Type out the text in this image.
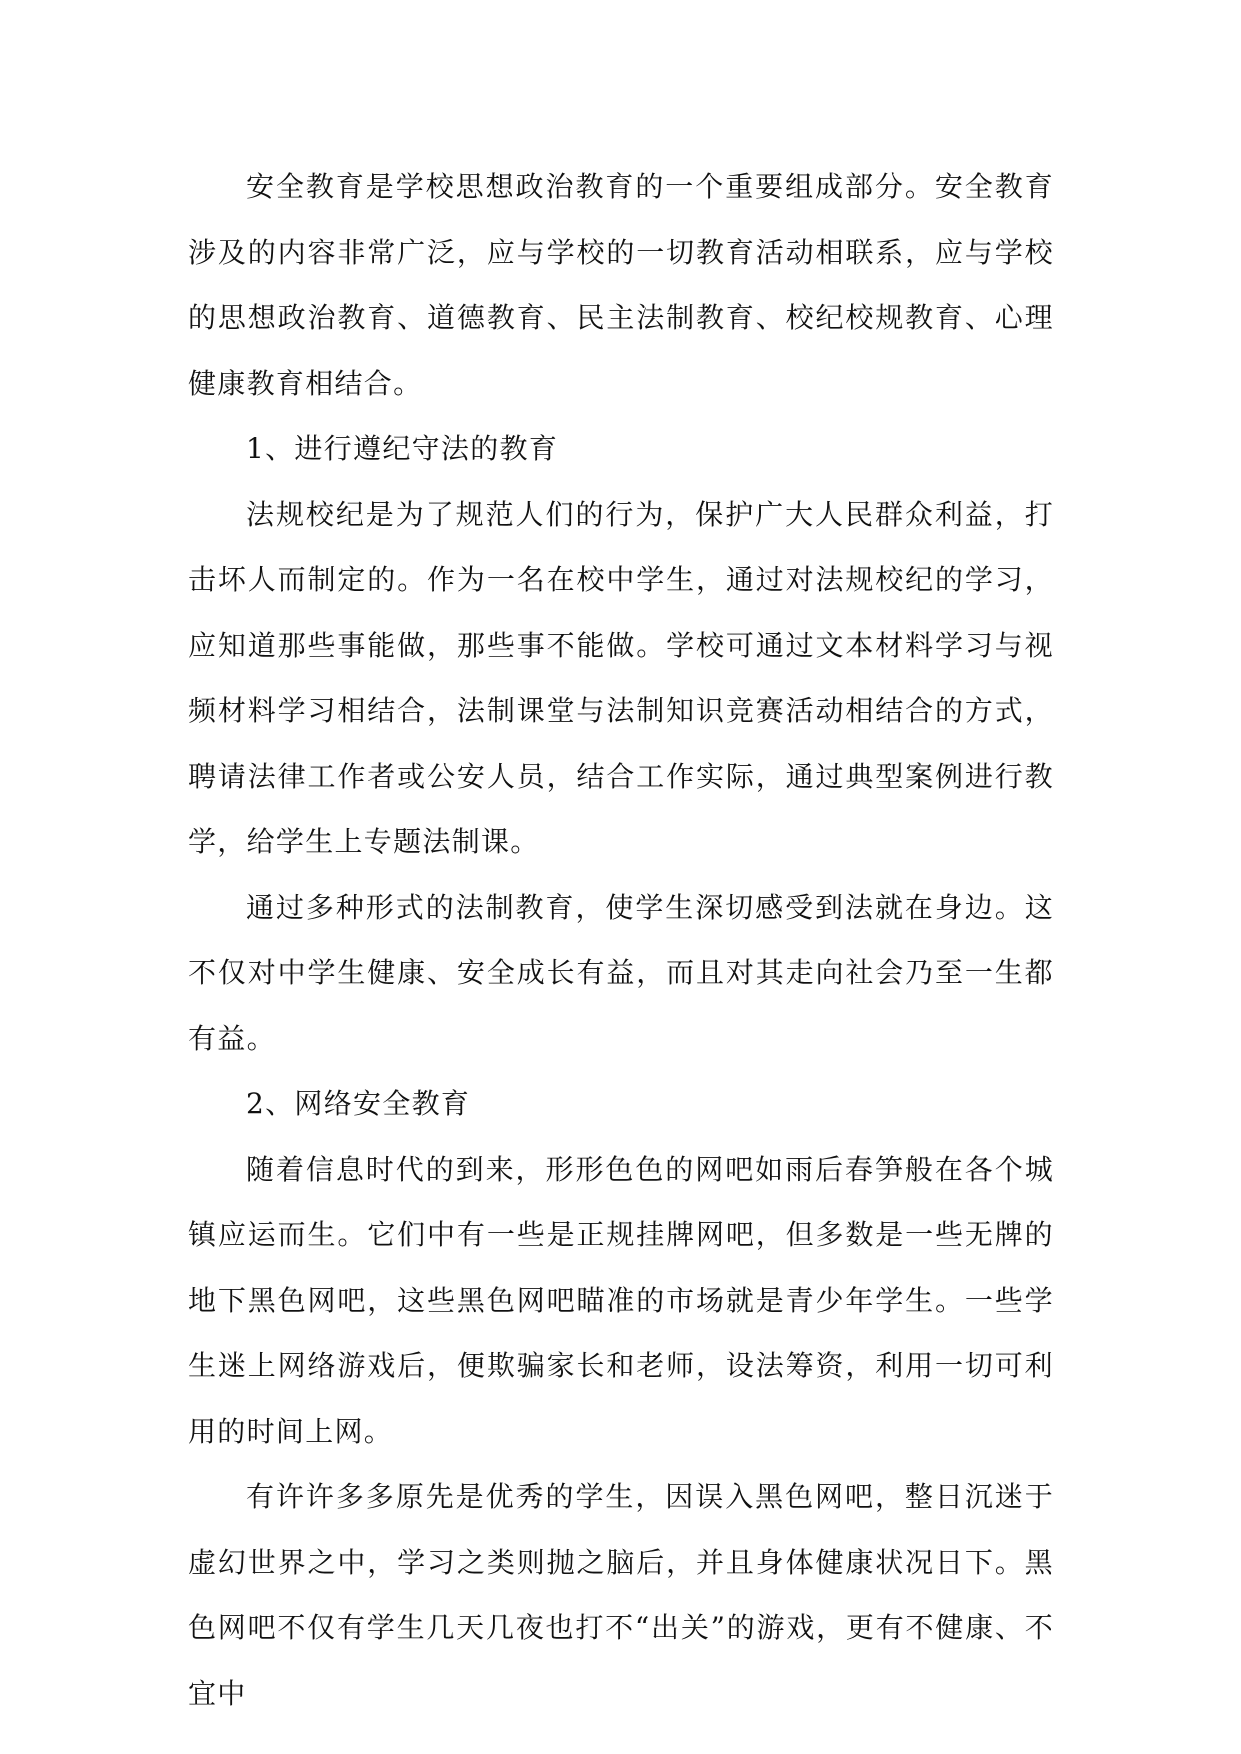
安全教育是学校思想政治教育的一个重要组成部分。安全教育涉及的内容非常广泛，应与学校的一切教育活动相联系，应与学校的思想政治教育、道德教育、民主法制教育、校纪校规教育、心理健康教育相结合。

1、进行遵纪守法的教育

法规校纪是为了规范人们的行为，保护广大人民群众利益，打击坏人而制定的。作为一名在校中学生，通过对法规校纪的学习，应知道那些事能做，那些事不能做。学校可通过文本材料学习与视频材料学习相结合，法制课堂与法制知识竞赛活动相结合的方式，聘请法律工作者或公安人员，结合工作实际，通过典型案例进行教学，给学生上专题法制课。

通过多种形式的法制教育，使学生深切感受到法就在身边。这不仅对中学生健康、安全成长有益，而且对其走向社会乃至一生都有益。

2、网络安全教育

随着信息时代的到来，形形色色的网吧如雨后春笋般在各个城镇应运而生。它们中有一些是正规挂牌网吧，但多数是一些无牌的地下黑色网吧，这些黑色网吧瞄准的市场就是青少年学生。一些学生迷上网络游戏后，便欺骗家长和老师，设法筹资，利用一切可利用的时间上网。

有许许多多原先是优秀的学生，因误入黑色网吧，整日沉迷于虚幻世界之中，学习之类则抛之脑后，并且身体健康状况日下。黑色网吧不仅有学生几天几夜也打不“出关”的游戏，更有不健康、不宜中
